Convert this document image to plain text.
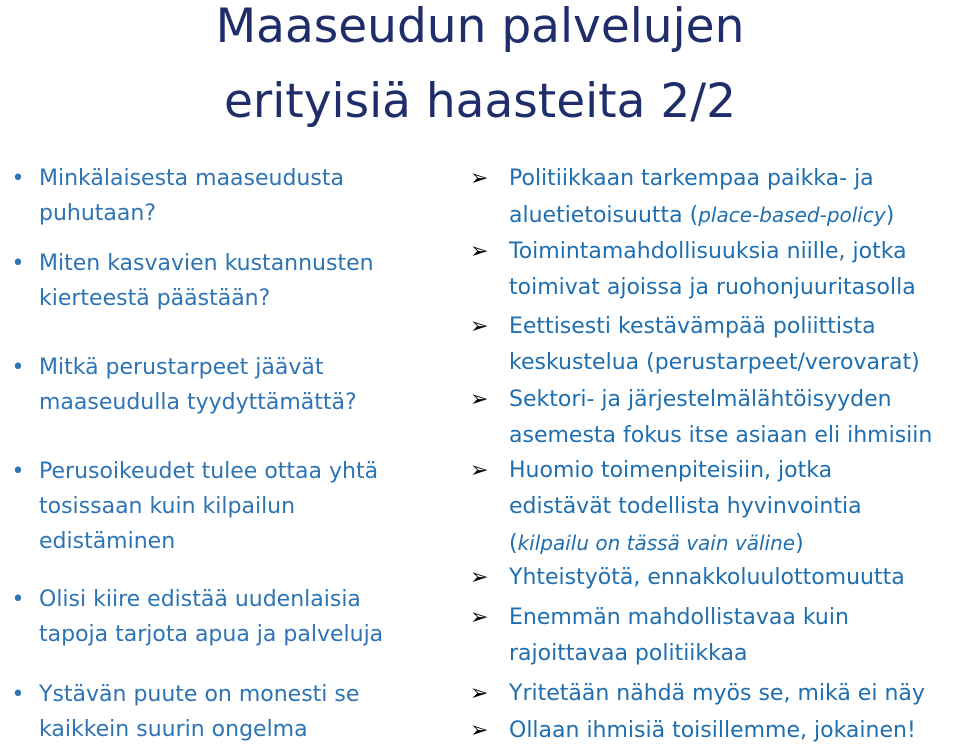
Maaseudun palvelujen
erityisiä haasteita 2/2
• Minkälaisesta maaseudusta
puhutaan?
• Miten kasvavien kustannusten
kierteestä päästään?
• Mitkä perustarpeet jäävät
maaseudulla tyydyttämättä?
• Perusoikeudet tulee ottaa yhtä
tosissaan kuin kilpailun
edistäminen
• Olisi kiire edistää uudenlaisia
tapoja tarjota apua ja palveluja
• Ystävän puute on monesti se
kaikkein suurin ongelma
➢ Politiikkaan tarkempaa paikka- ja
aluetietoisuutta (place-based-policy)
➢ Toimintamahdollisuuksia niille, jotka
toimivat ajoissa ja ruohonjuuritasolla
➢ Eettisesti kestävämpää poliittista
keskustelua (perustarpeet/verovarat)
➢ Sektori- ja järjestelmälähtöisyyden
asemesta fokus itse asiaan eli ihmisiin
➢ Huomio toimenpiteisiin, jotka
edistävät todellista hyvinvointia
(kilpailu on tässä vain väline)
➢ Yhteistyötä, ennakkoluulottomuutta
➢ Enemmän mahdollistavaa kuin
rajoittavaa politiikkaa
➢ Yritetään nähdä myös se, mikä ei näy
➢ Ollaan ihmisiä toisillemme, jokainen!
